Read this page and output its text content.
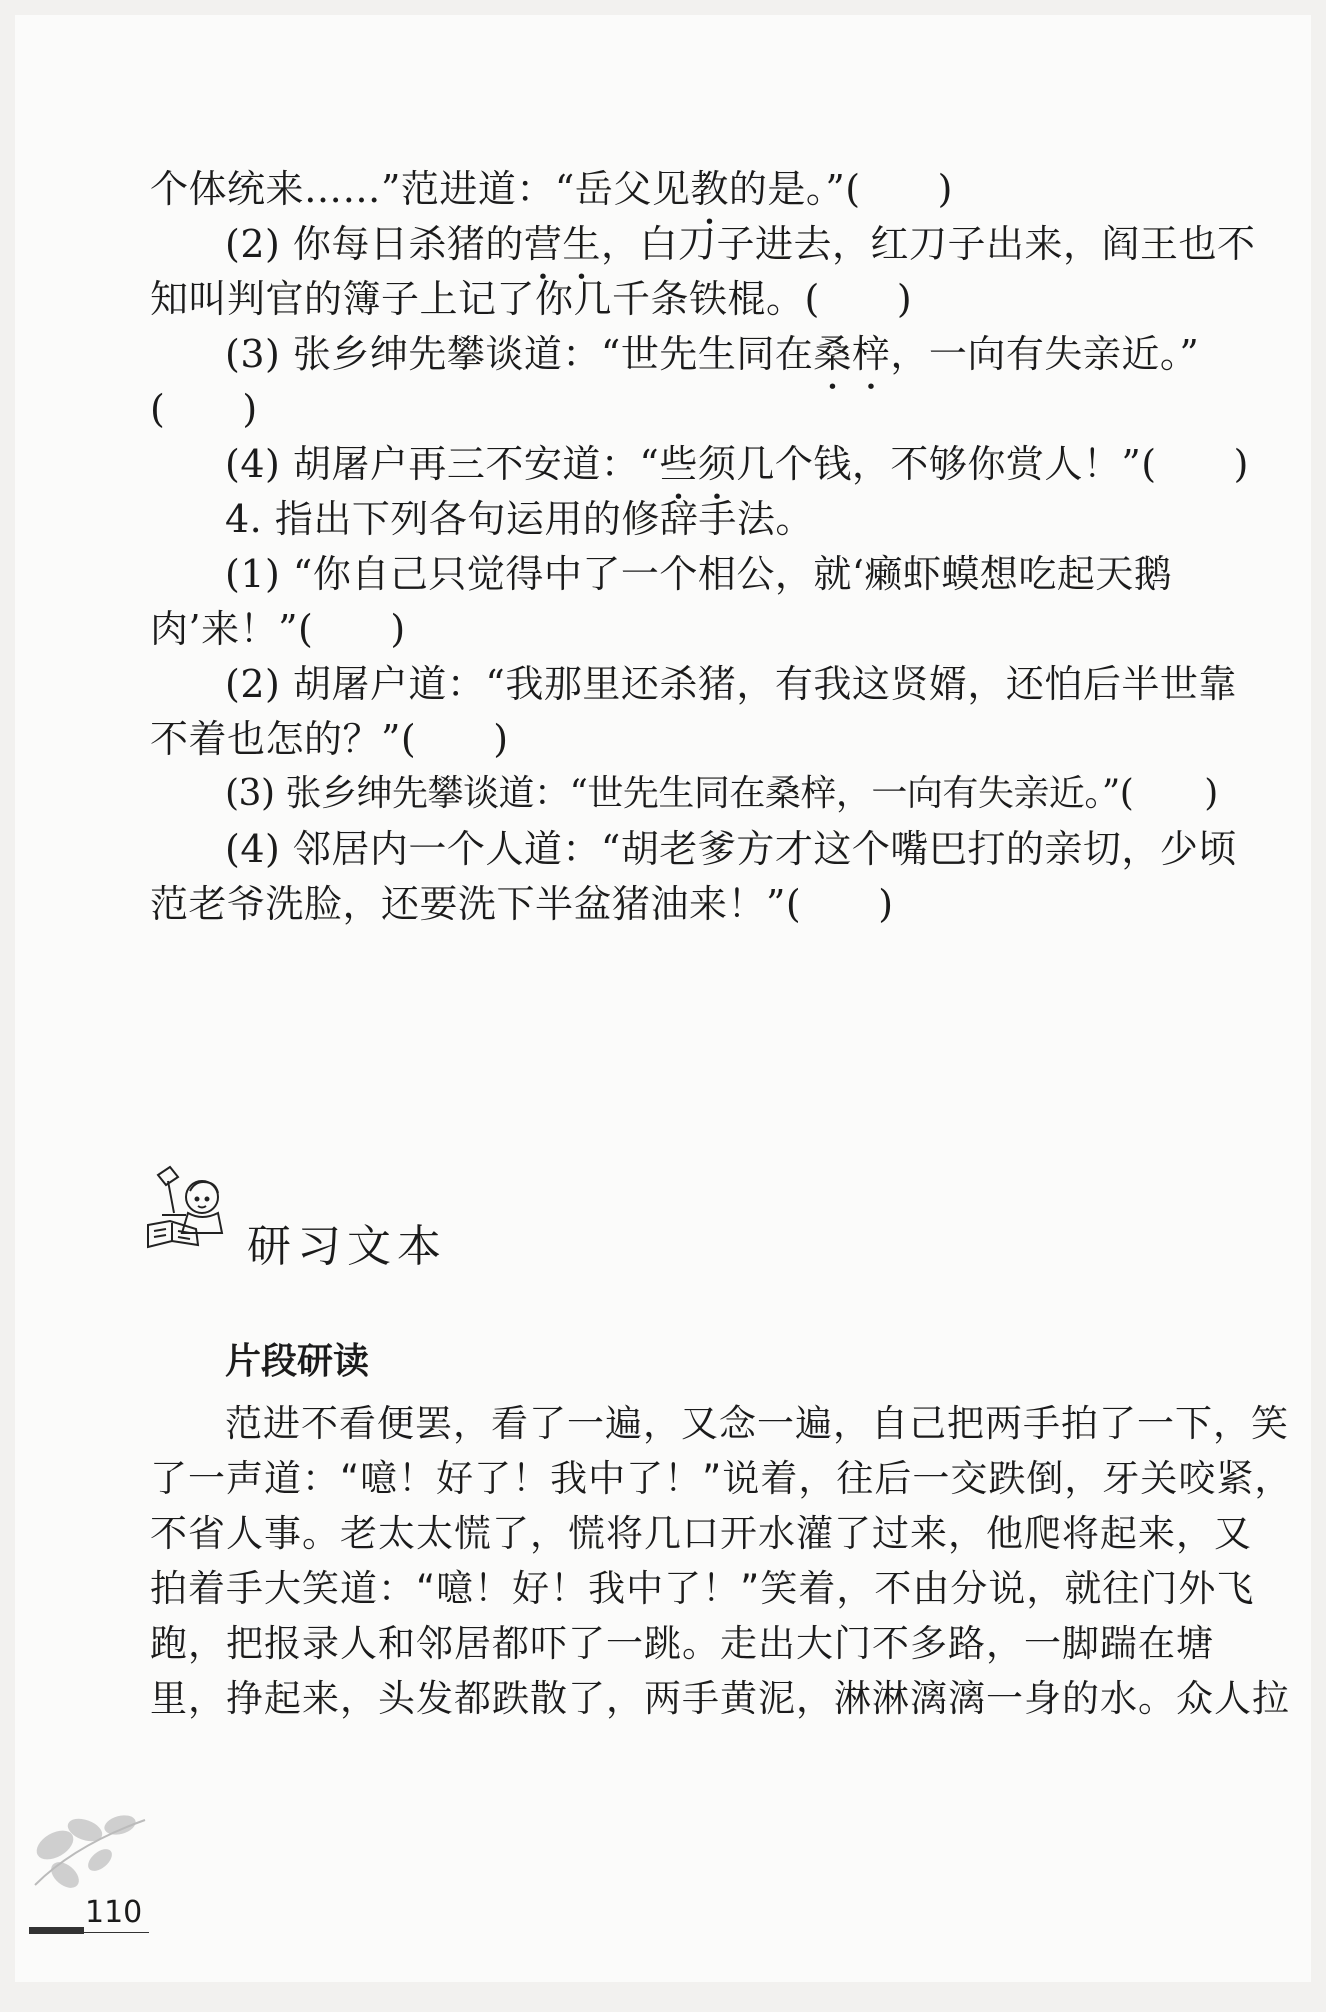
个体统来……”范进道：“岳父见教的是。”(　　)
(2) 你每日杀猪的营生，白刀子进去，红刀子出来，阎王也不
知叫判官的簿子上记了你几千条铁棍。(　　)
(3) 张乡绅先攀谈道：“世先生同在桑梓，一向有失亲近。”
(　　)
(4) 胡屠户再三不安道：“些须几个钱，不够你赏人！”(　　)
4. 指出下列各句运用的修辞手法。
(1) “你自己只觉得中了一个相公，就‘癞虾蟆想吃起天鹅
肉’来！”(　　)
(2) 胡屠户道：“我那里还杀猪，有我这贤婿，还怕后半世靠
不着也怎的？”(　　)
(3) 张乡绅先攀谈道：“世先生同在桑梓，一向有失亲近。”(　　)
(4) 邻居内一个人道：“胡老爹方才这个嘴巴打的亲切，少顷
范老爷洗脸，还要洗下半盆猪油来！”(　　)
研习文本
片段研读
范进不看便罢，看了一遍，又念一遍，自己把两手拍了一下，笑
了一声道：“噫！好了！我中了！”说着，往后一交跌倒，牙关咬紧，
不省人事。老太太慌了，慌将几口开水灌了过来，他爬将起来，又
拍着手大笑道：“噫！好！我中了！”笑着，不由分说，就往门外飞
跑，把报录人和邻居都吓了一跳。走出大门不多路，一脚踹在塘
里，挣起来，头发都跌散了，两手黄泥，淋淋漓漓一身的水。众人拉
110
